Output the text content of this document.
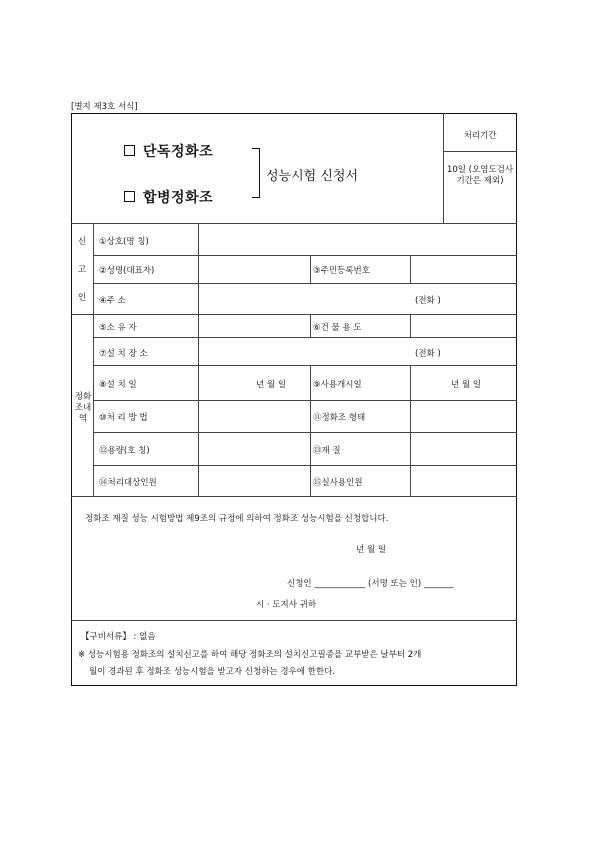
[별지 제3호 서식]
처리기간
10일 (오염도검사 기간은 제외)
단독정화조
합병정화조
성능시험 신청서
신
고
인
①상호(명 칭)
②성명(대표자)	③주민등록번호
④주 소	(전화 )
정화
조내
역
⑤소 유 자	⑥건 물 용 도
⑦설 치 장 소	(전화 )
⑧설 치 일	년 월 일	⑨사용개시일	년 월 일
⑩처 리 방 법	⑪정화조 형태
⑫용량(호 칭)	⑬재 질
⑭처리대상인원	⑮실사용인원
정화조 재질 성능 시험방법 제9조의 규정에 의하여 정화조 성능시험을 신청합니다.
년 월 일
신청인 ____________ (서명 또는 인) _______
시 · 도지사 귀하
【구비서류】 : 없음
※ 성능시험용 정화조의 설치신고를 하여 해당 정화조의 설치신고필증을 교부받은 날부터 2개
월이 경과된 후 정화조 성능시험을 받고자 신청하는 경우에 한한다.
